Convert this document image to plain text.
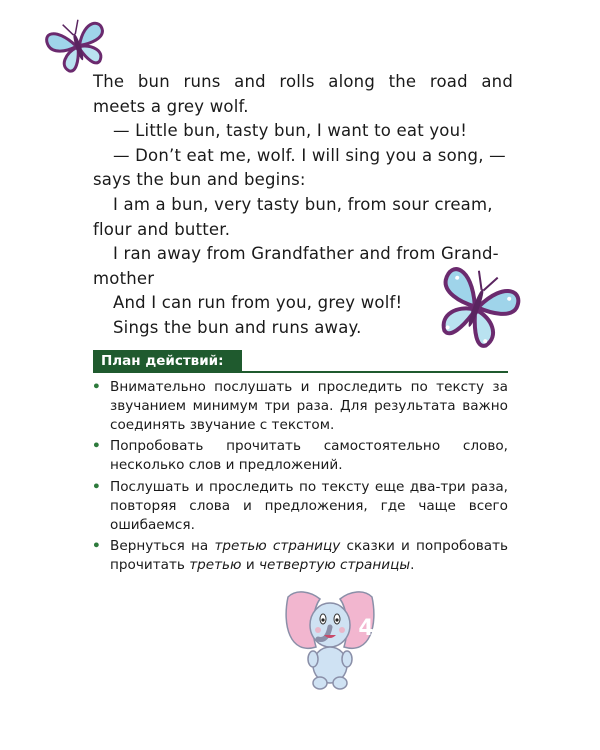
The bun runs and rolls along the road and

meets a grey wolf.

— Little bun, tasty bun, I want to eat you!

— Don’t eat me, wolf. I will sing you a song, —

says the bun and begins:

I am a bun, very tasty bun, from sour cream,

flour and butter.

I ran away from Grandfather and from Grand-

mother

And I can run from you, grey wolf!

Sings the bun and runs away.

План действий:
• Внимательно послушать и проследить по тексту за звучанием минимум три раза. Для результата важно соединять звучание с текстом.
• Попробовать прочитать самостоятельно слово, несколько слов и предложений.
• Послушать и проследить по тексту еще два-три раза, повторяя слова и предложения, где чаще всего ошибаемся.
• Вернуться на третью страницу сказки и попробовать прочитать третью и четвертую страницы.
4
